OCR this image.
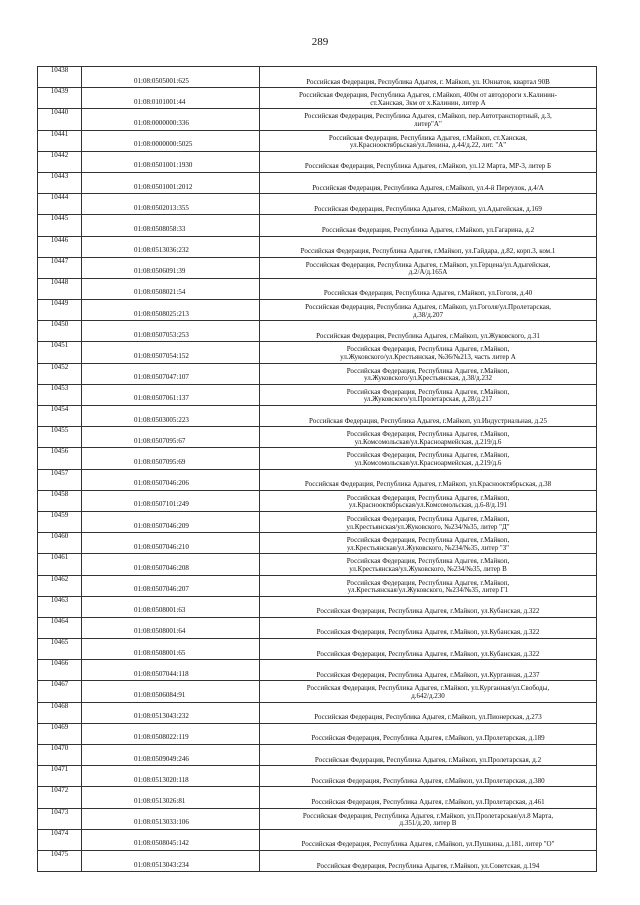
289
10438	01:08:0505001:625	Российская Федерация, Республика Адыгея, г. Майкоп, ул. Юннатов, квартал 90В

10439	01:08:0101001:44	Российская Федерация, Республика Адыгея, г.Майкоп, 400м от автодороги х.Калинин-
ст.Ханская, 3км от х.Калинин, литер А

10440	01:08:0000000:336	Российская Федерация, Республика Адыгея, г.Майкоп, пер.Автотранспортный, д.3,
литер"А"

10441	01:08:0000000:5025	Российская Федерация, Республика Адыгея, г.Майкоп, ст.Ханская,
ул.Краснооктябрьская/ул.Ленина, д.44/д.22, лит. "А"

10442	01:08:0501001:1930	Российская Федерация, Республика Адыгея, г.Майкоп, ул.12 Марта, МР-3, литер Б

10443	01:08:0501001:2012	Российская Федерация, Республика Адыгея, г.Майкоп, ул.4-й Переулок, д.4/А

10444	01:08:0502013:355	Российская Федерация, Республика Адыгея, г.Майкоп, ул.Адыгейская, д.169

10445	01:08:0508058:33	Российская Федерация, Республика Адыгея, г.Майкоп, ул.Гагарина, д.2

10446	01:08:0513036:232	Российская Федерация, Республика Адыгея, г.Майкоп, ул.Гайдара, д.82, корп.3, ком.1

10447	01:08:0506091:39	Российская Федерация, Республика Адыгея, г.Майкоп, ул.Герцена/ул.Адыгейская,
д.2/А/д.165А

10448	01:08:0508021:54	Российская Федерация, Республика Адыгея, г.Майкоп, ул.Гоголя, д.40

10449	01:08:0508025:213	Российская Федерация, Республика Адыгея, г.Майкоп, ул.Гоголя/ул.Пролетарская,
д.38/д.207

10450	01:08:0507053:253	Российская Федерация, Республика Адыгея, г.Майкоп, ул.Жуковского, д.31

10451	01:08:0507054:152	Российская Федерация, Республика Адыгея, г.Майкоп,
ул.Жуковского/ул.Крестьянская, №36/№213, часть литер А

10452	01:08:0507047:107	Российская Федерация, Республика Адыгея, г.Майкоп,
ул.Жуковского/ул.Крестьянская, д.38/д.232

10453	01:08:0507061:137	Российская Федерация, Республика Адыгея, г.Майкоп,
ул.Жуковского/ул.Пролетарская, д.28/д.217

10454	01:08:0503005:223	Российская Федерация, Республика Адыгея, г.Майкоп, ул.Индустриальная, д.25

10455	01:08:0507095:67	Российская Федерация, Республика Адыгея, г.Майкоп,
ул.Комсомольская/ул.Красноармейская, д.219/д.6

10456	01:08:0507095:69	Российская Федерация, Республика Адыгея, г.Майкоп,
ул.Комсомольская/ул.Красноармейская, д.219/д.6

10457	01:08:0507046:206	Российская Федерация, Республика Адыгея, г.Майкоп, ул.Краснооктябрьская, д.38

10458	01:08:0507101:249	Российская Федерация, Республика Адыгея, г.Майкоп,
ул.Краснооктябрьская/ул.Комсомольская, д.6-8/д.191

10459	01:08:0507046:209	Российская Федерация, Республика Адыгея, г.Майкоп,
ул.Крестьянская/ул.Жуковского, №234/№35, литер "Д"

10460	01:08:0507046:210	Российская Федерация, Республика Адыгея, г.Майкоп,
ул.Крестьянская/ул.Жуковского, №234/№35, литер "З"

10461	01:08:0507046:208	Российская Федерация, Республика Адыгея, г.Майкоп,
ул.Крестьянская/ул.Жуковского, №234/№35, литер В

10462	01:08:0507046:207	Российская Федерация, Республика Адыгея, г.Майкоп,
ул.Крестьянская/ул.Жуковского, №234/№35, литер Г1

10463	01:08:0508001:63	Российская Федерация, Республика Адыгея, г.Майкоп, ул.Кубанская, д.322

10464	01:08:0508001:64	Российская Федерация, Республика Адыгея, г.Майкоп, ул.Кубанская, д.322

10465	01:08:0508001:65	Российская Федерация, Республика Адыгея, г.Майкоп, ул.Кубанская, д.322

10466	01:08:0507044:118	Российская Федерация, Республика Адыгея, г.Майкоп, ул.Курганная, д.237

10467	01:08:0506084:91	Российская Федерация, Республика Адыгея, г.Майкоп, ул.Курганная/ул.Свободы,
д.642/д.230

10468	01:08:0513043:232	Российская Федерация, Республика Адыгея, г.Майкоп, ул.Пионерская, д.273

10469	01:08:0508022:119	Российская Федерация, Республика Адыгея, г.Майкоп, ул.Пролетарская, д.189

10470	01:08:0509049:246	Российская Федерация, Республика Адыгея, г.Майкоп, ул.Пролетарская, д.2

10471	01:08:0513020:118	Российская Федерация, Республика Адыгея, г.Майкоп, ул.Пролетарская, д.380

10472	01:08:0513026:81	Российская Федерация, Республика Адыгея, г.Майкоп, ул.Пролетарская, д.461

10473	01:08:0513033:106	Российская Федерация, Республика Адыгея, г.Майкоп, ул.Пролетарская/ул.8 Марта,
д.351/д.20, литер В

10474	01:08:0508045:142	Российская Федерация, Республика Адыгея, г.Майкоп, ул.Пушкина, д.181, литер "О"

10475	01:08:0513043:234	Российская Федерация, Республика Адыгея, г.Майкоп, ул.Советская, д.194
